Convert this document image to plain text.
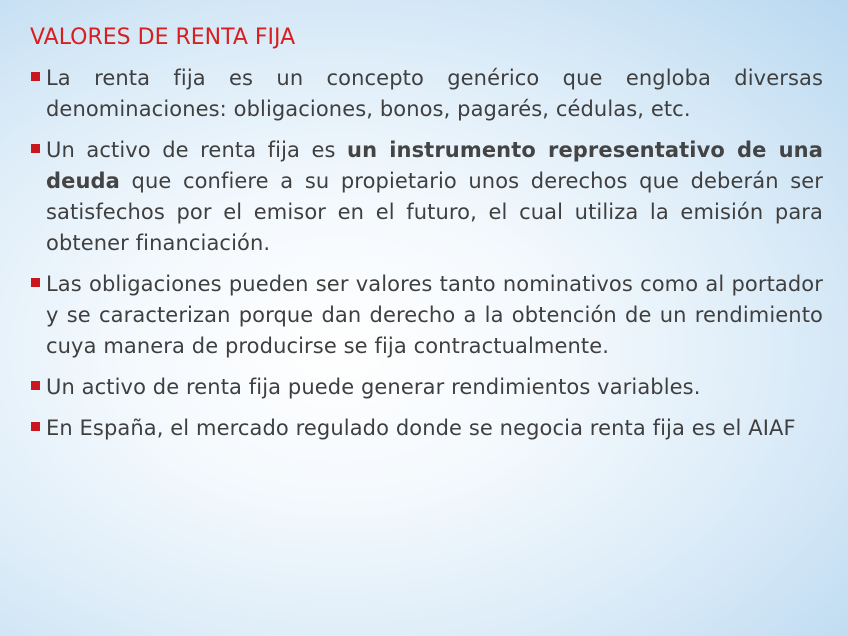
VALORES DE RENTA FIJA
La renta fija es un concepto genérico que engloba diversas denominaciones: obligaciones, bonos, pagarés, cédulas, etc.
Un activo de renta fija es un instrumento representativo de una deuda que confiere a su propietario unos derechos que deberán ser satisfechos por el emisor en el futuro, el cual utiliza la emisión para obtener financiación.
Las obligaciones pueden ser valores tanto nominativos como al portador y se caracterizan porque dan derecho a la obtención de un rendimiento cuya manera de producirse se fija contractualmente.
Un activo de renta fija puede generar rendimientos variables.
En España, el mercado regulado donde se negocia renta fija es el AIAF
